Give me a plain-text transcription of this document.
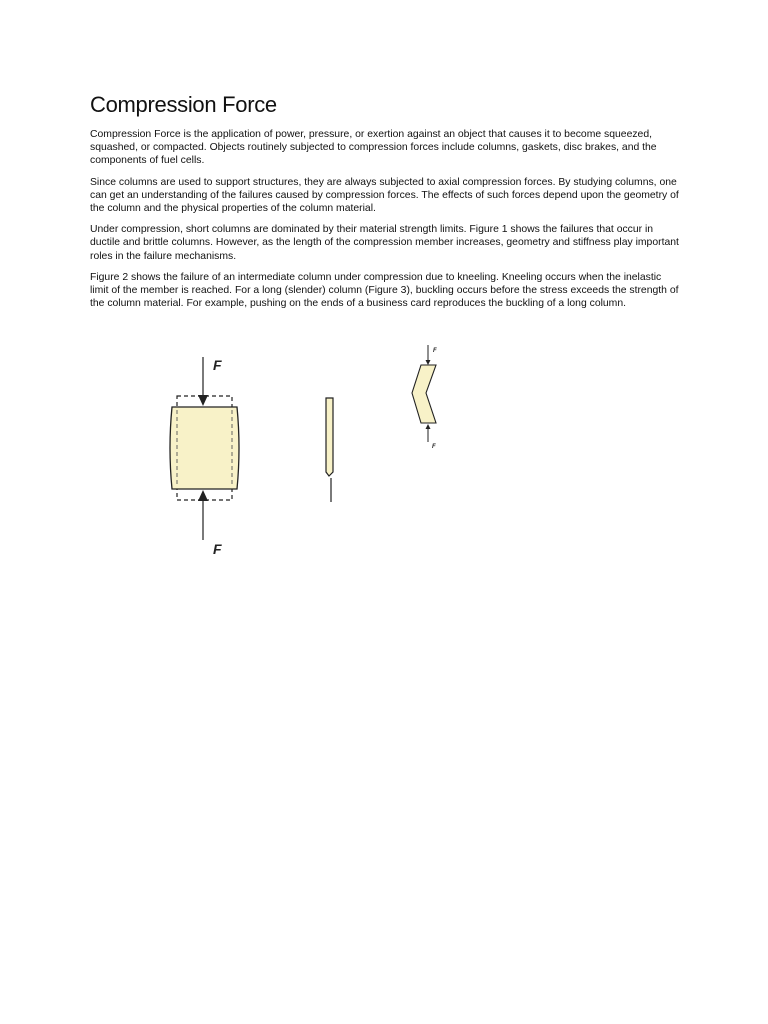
Compression Force

Compression Force is the application of power, pressure, or exertion against an object that causes it to become squeezed, squashed, or compacted. Objects routinely subjected to compression forces include columns, gaskets, disc brakes, and the components of fuel cells.

Since columns are used to support structures, they are always subjected to axial compression forces. By studying columns, one can get an understanding of the failures caused by compression forces. The effects of such forces depend upon the geometry of the column and the physical properties of the column material.

Under compression, short columns are dominated by their material strength limits. Figure 1 shows the failures that occur in ductile and brittle columns. However, as the length of the compression member increases, geometry and stiffness play important roles in the failure mechanisms.

Figure 2 shows the failure of an intermediate column under compression due to kneeling. Kneeling occurs when the inelastic limit of the member is reached. For a long (slender) column (Figure 3), buckling occurs before the stress exceeds the strength of the column material. For example, pushing on the ends of a business card reproduces the buckling of a long column.

F
F
F
F
